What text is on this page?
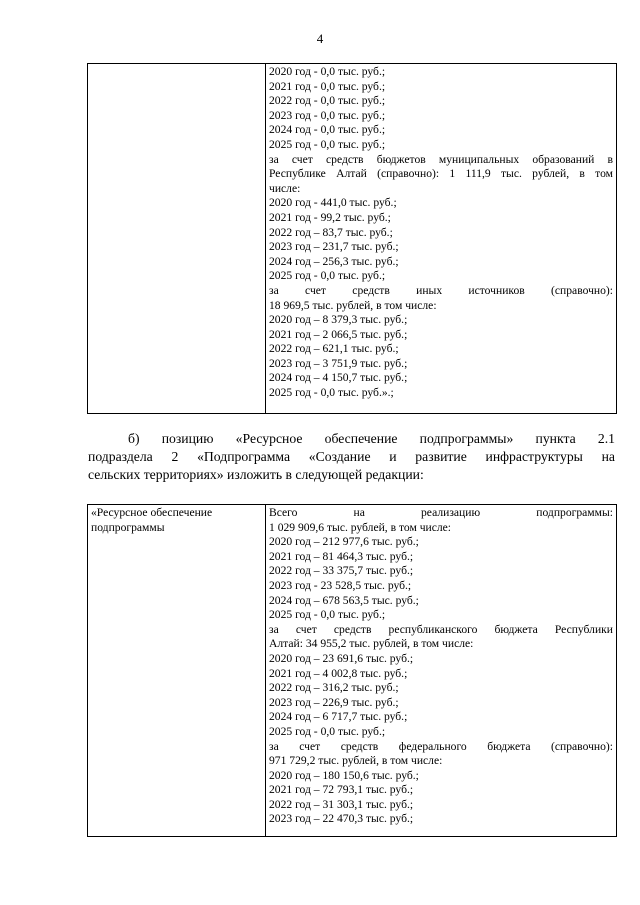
4

2020 год - 0,0 тыс. руб.;
2021 год - 0,0 тыс. руб.;
2022 год - 0,0 тыс. руб.;
2023 год - 0,0 тыс. руб.;
2024 год - 0,0 тыс. руб.;
2025 год - 0,0 тыс. руб.;
за счет средств бюджетов муниципальных образований в
Республике Алтай (справочно): 1 111,9 тыс. рублей, в том
числе:
2020 год - 441,0 тыс. руб.;
2021 год - 99,2 тыс. руб.;
2022 год – 83,7 тыс. руб.;
2023 год – 231,7 тыс. руб.;
2024 год – 256,3 тыс. руб.;
2025 год - 0,0 тыс. руб.;
за счет средств иных источников (справочно):
18 969,5 тыс. рублей, в том числе:
2020 год – 8 379,3 тыс. руб.;
2021 год – 2 066,5 тыс. руб.;
2022 год – 621,1 тыс. руб.;
2023 год – 3 751,9 тыс. руб.;
2024 год – 4 150,7 тыс. руб.;
2025 год - 0,0 тыс. руб.».;
б) позицию «Ресурсное обеспечение подпрограммы» пункта 2.1
подраздела 2 «Подпрограмма «Создание и развитие инфраструктуры на
сельских территориях» изложить в следующей редакции:
«Ресурсное обеспечение
подпрограммы

Всего на реализацию подпрограммы:
1 029 909,6 тыс. рублей, в том числе:
2020 год – 212 977,6 тыс. руб.;
2021 год – 81 464,3 тыс. руб.;
2022 год – 33 375,7 тыс. руб.;
2023 год - 23 528,5 тыс. руб.;
2024 год – 678 563,5 тыс. руб.;
2025 год - 0,0 тыс. руб.;
за счет средств республиканского бюджета Республики
Алтай: 34 955,2 тыс. рублей, в том числе:
2020 год – 23 691,6 тыс. руб.;
2021 год – 4 002,8 тыс. руб.;
2022 год – 316,2 тыс. руб.;
2023 год – 226,9 тыс. руб.;
2024 год – 6 717,7 тыс. руб.;
2025 год - 0,0 тыс. руб.;
за счет средств федерального бюджета (справочно):
971 729,2 тыс. рублей, в том числе:
2020 год – 180 150,6 тыс. руб.;
2021 год – 72 793,1 тыс. руб.;
2022 год – 31 303,1 тыс. руб.;
2023 год – 22 470,3 тыс. руб.;
